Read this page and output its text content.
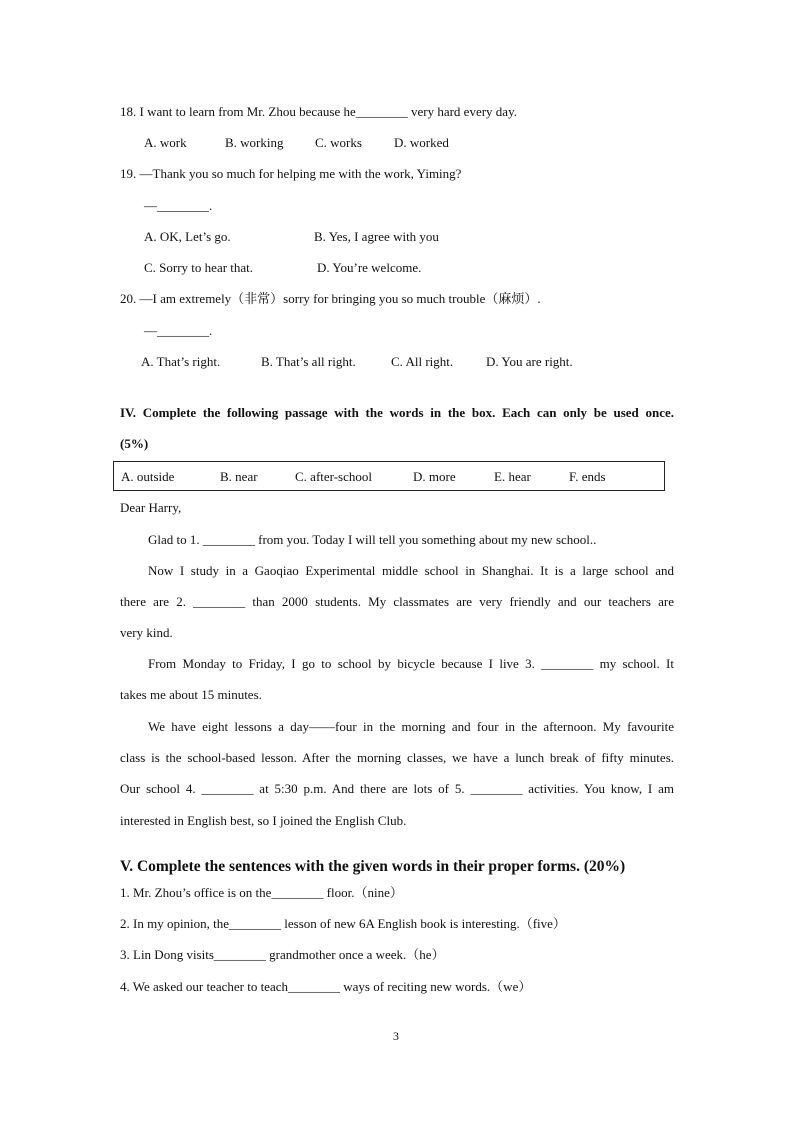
18. I want to learn from Mr. Zhou because he________ very hard every day.
A. work	B. working C. works D. worked
19. —Thank you so much for helping me with the work, Yiming?
—________.
A. OK, Let’s go.	B. Yes, I agree with you
C. Sorry to hear that.	D. You’re welcome.
20. —I am extremely（非常）sorry for bringing you so much trouble（麻烦）.
—________.
A. That’s right.	B. That’s all right.	C. All right.	D. You are right.
IV. Complete the following passage with the words in the box. Each can only be used once.
(5%)
A. outside	B. near	C. after-school	D. more	E. hear	F. ends
Dear Harry,
Glad to 1. ________ from you. Today I will tell you something about my new school..
Now I study in a Gaoqiao Experimental middle school in Shanghai. It is a large school and
there are 2. ________ than 2000 students. My classmates are very friendly and our teachers are
very kind.
From Monday to Friday, I go to school by bicycle because I live 3. ________ my school. It
takes me about 15 minutes.
We have eight lessons a day——four in the morning and four in the afternoon. My favourite
class is the school-based lesson. After the morning classes, we have a lunch break of fifty minutes.
Our school 4. ________ at 5:30 p.m. And there are lots of 5. ________ activities. You know, I am
interested in English best, so I joined the English Club.
V. Complete the sentences with the given words in their proper forms. (20%)
1. Mr. Zhou’s office is on the________ floor.（nine）
2. In my opinion, the________ lesson of new 6A English book is interesting.（five）
3. Lin Dong visits________ grandmother once a week.（he）
4. We asked our teacher to teach________ ways of reciting new words.（we）
3
